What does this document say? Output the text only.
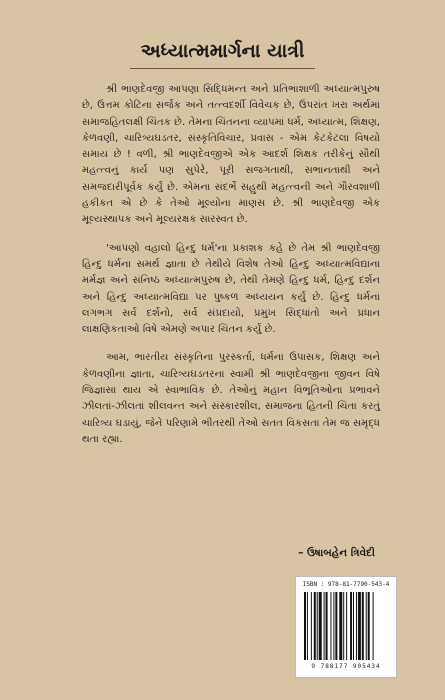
અધ્યાત્મમાર્ગના યાત્રી

શ્રી ભાણદેવજી આપણા સિદ્ધિમન્ત અને પ્રતિભાશાળી અધ્યાત્મપુરુષ છે, ઉત્તમ કોટિના સર્જક અને તત્ત્વદર્શી વિવેચક છે, ઉપરાંત ખરા અર્થમાં સમાજહિતલક્ષી ચિંતક છે. તેમના ચિંતનના વ્યાપમાં ધર્મ, અધ્યાત્મ, શિક્ષણ, કેળવણી, ચારિત્ર્યઘડતર, સંસ્કૃતિવિચાર, પ્રવાસ - એમ કેટકેટલા વિષયો સમાય છે ! વળી, શ્રી ભાણદેવજીએ એક આદર્શ શિક્ષક તરીકેનું સૌથી મહત્ત્વનું કાર્ય પણ સુપેરે, પૂરી સજગતાથી, સભાનતાથી અને સમજદારીપૂર્વક કર્યું છે. એમના સંદર્ભે સહુથી મહત્ત્વની અને ગૌરવશાળી હકીકત એ છે કે તેઓ મૂલ્યોના માણસ છે. શ્રી ભાણદેવજી એક મૂલ્યસ્થાપક અને મૂલ્યરક્ષક સારસ્વત છે.

'આપણો વહાલો હિન્દુ ધર્મ'ના પ્રકાશક કહે છે તેમ શ્રી ભાણદેવજી હિન્દુ ધર્મના સમર્થ જ્ઞાતા છે તેથીયે વિશેષ તેઓ હિન્દુ અધ્યાત્મવિદ્યાના મર્મજ્ઞ અને સંનિષ્ઠ અધ્યાત્મપુરુષ છે, તેથી તેમણે હિન્દુ ધર્મ, હિન્દુ દર્શન અને હિન્દુ અધ્યાત્મવિદ્યા પર પુષ્કળ અધ્યયન કર્યું છે. હિન્દુ ધર્મનાં લગભગ સર્વ દર્શનો, સર્વ સંપ્રદાયો, પ્રમુખ સિદ્ધાંતો અને પ્રધાન લાક્ષણિકતાઓ વિષે એમણે અપાર ચિંતન કર્યું છે.

આમ, ભારતીય સંસ્કૃતિના પુરસ્કર્તા, ધર્મના ઉપાસક, શિક્ષણ અને કેળવણીના જ્ઞાતા, ચારિત્ર્યઘડતરના સ્વામી શ્રી ભાણદેવજીના જીવન વિષે જિજ્ઞાસા થાય એ સ્વાભાવિક છે. તેઓનું મહાન વિભૂતિઓના પ્રભાવને ઝીલતાં-ઝીલતાં શીલવન્ત અને સંસ્કારશીલ, સમાજના હિતની ચિંતા કરતું ચારિત્ર્ય ઘડાયું, જેને પરિણામે ભીતરથી તેઓ સતત વિકસતા તેમ જ સમૃદ્ધ થતા રહ્યા.

– ઉષાબહેન ત્રિવેદી
ISBN : 978-81-7790-543-4
9 788177 905434
